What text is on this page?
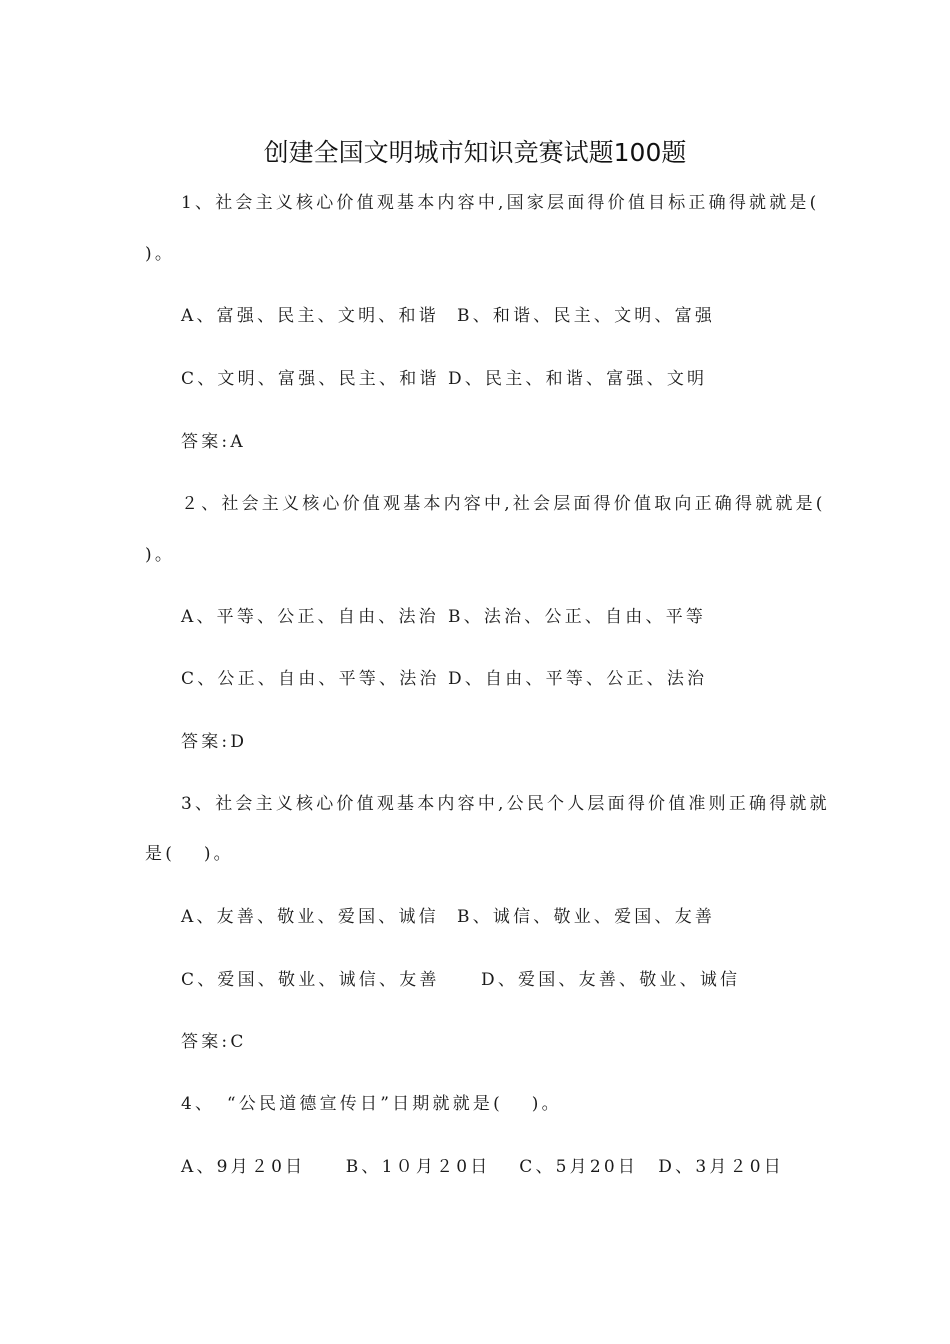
创建全国文明城市知识竞赛试题100题
1、社会主义核心价值观基本内容中,国家层面得价值目标正确得就就是(
)。
A、富强、民主、文明、和谐 B、和谐、民主、文明、富强
C、文明、富强、民主、和谐 D、民主、和谐、富强、文明
答案:A
２、社会主义核心价值观基本内容中,社会层面得价值取向正确得就就是(
)。
A、平等、公正、自由、法治 B、法治、公正、自由、平等
C、公正、自由、平等、法治 D、自由、平等、公正、法治
答案:D
3、社会主义核心价值观基本内容中,公民个人层面得价值准则正确得就就
是(　 )。
A、友善、敬业、爱国、诚信 B、诚信、敬业、爱国、友善
C、爱国、敬业、诚信、友善 D、爱国、友善、敬业、诚信
答案:C
4、　“公民道德宣传日”日期就就是(　 )。
A、9月２0日　　B、1０月２0日　 C、5月20日　D、3月２0日
